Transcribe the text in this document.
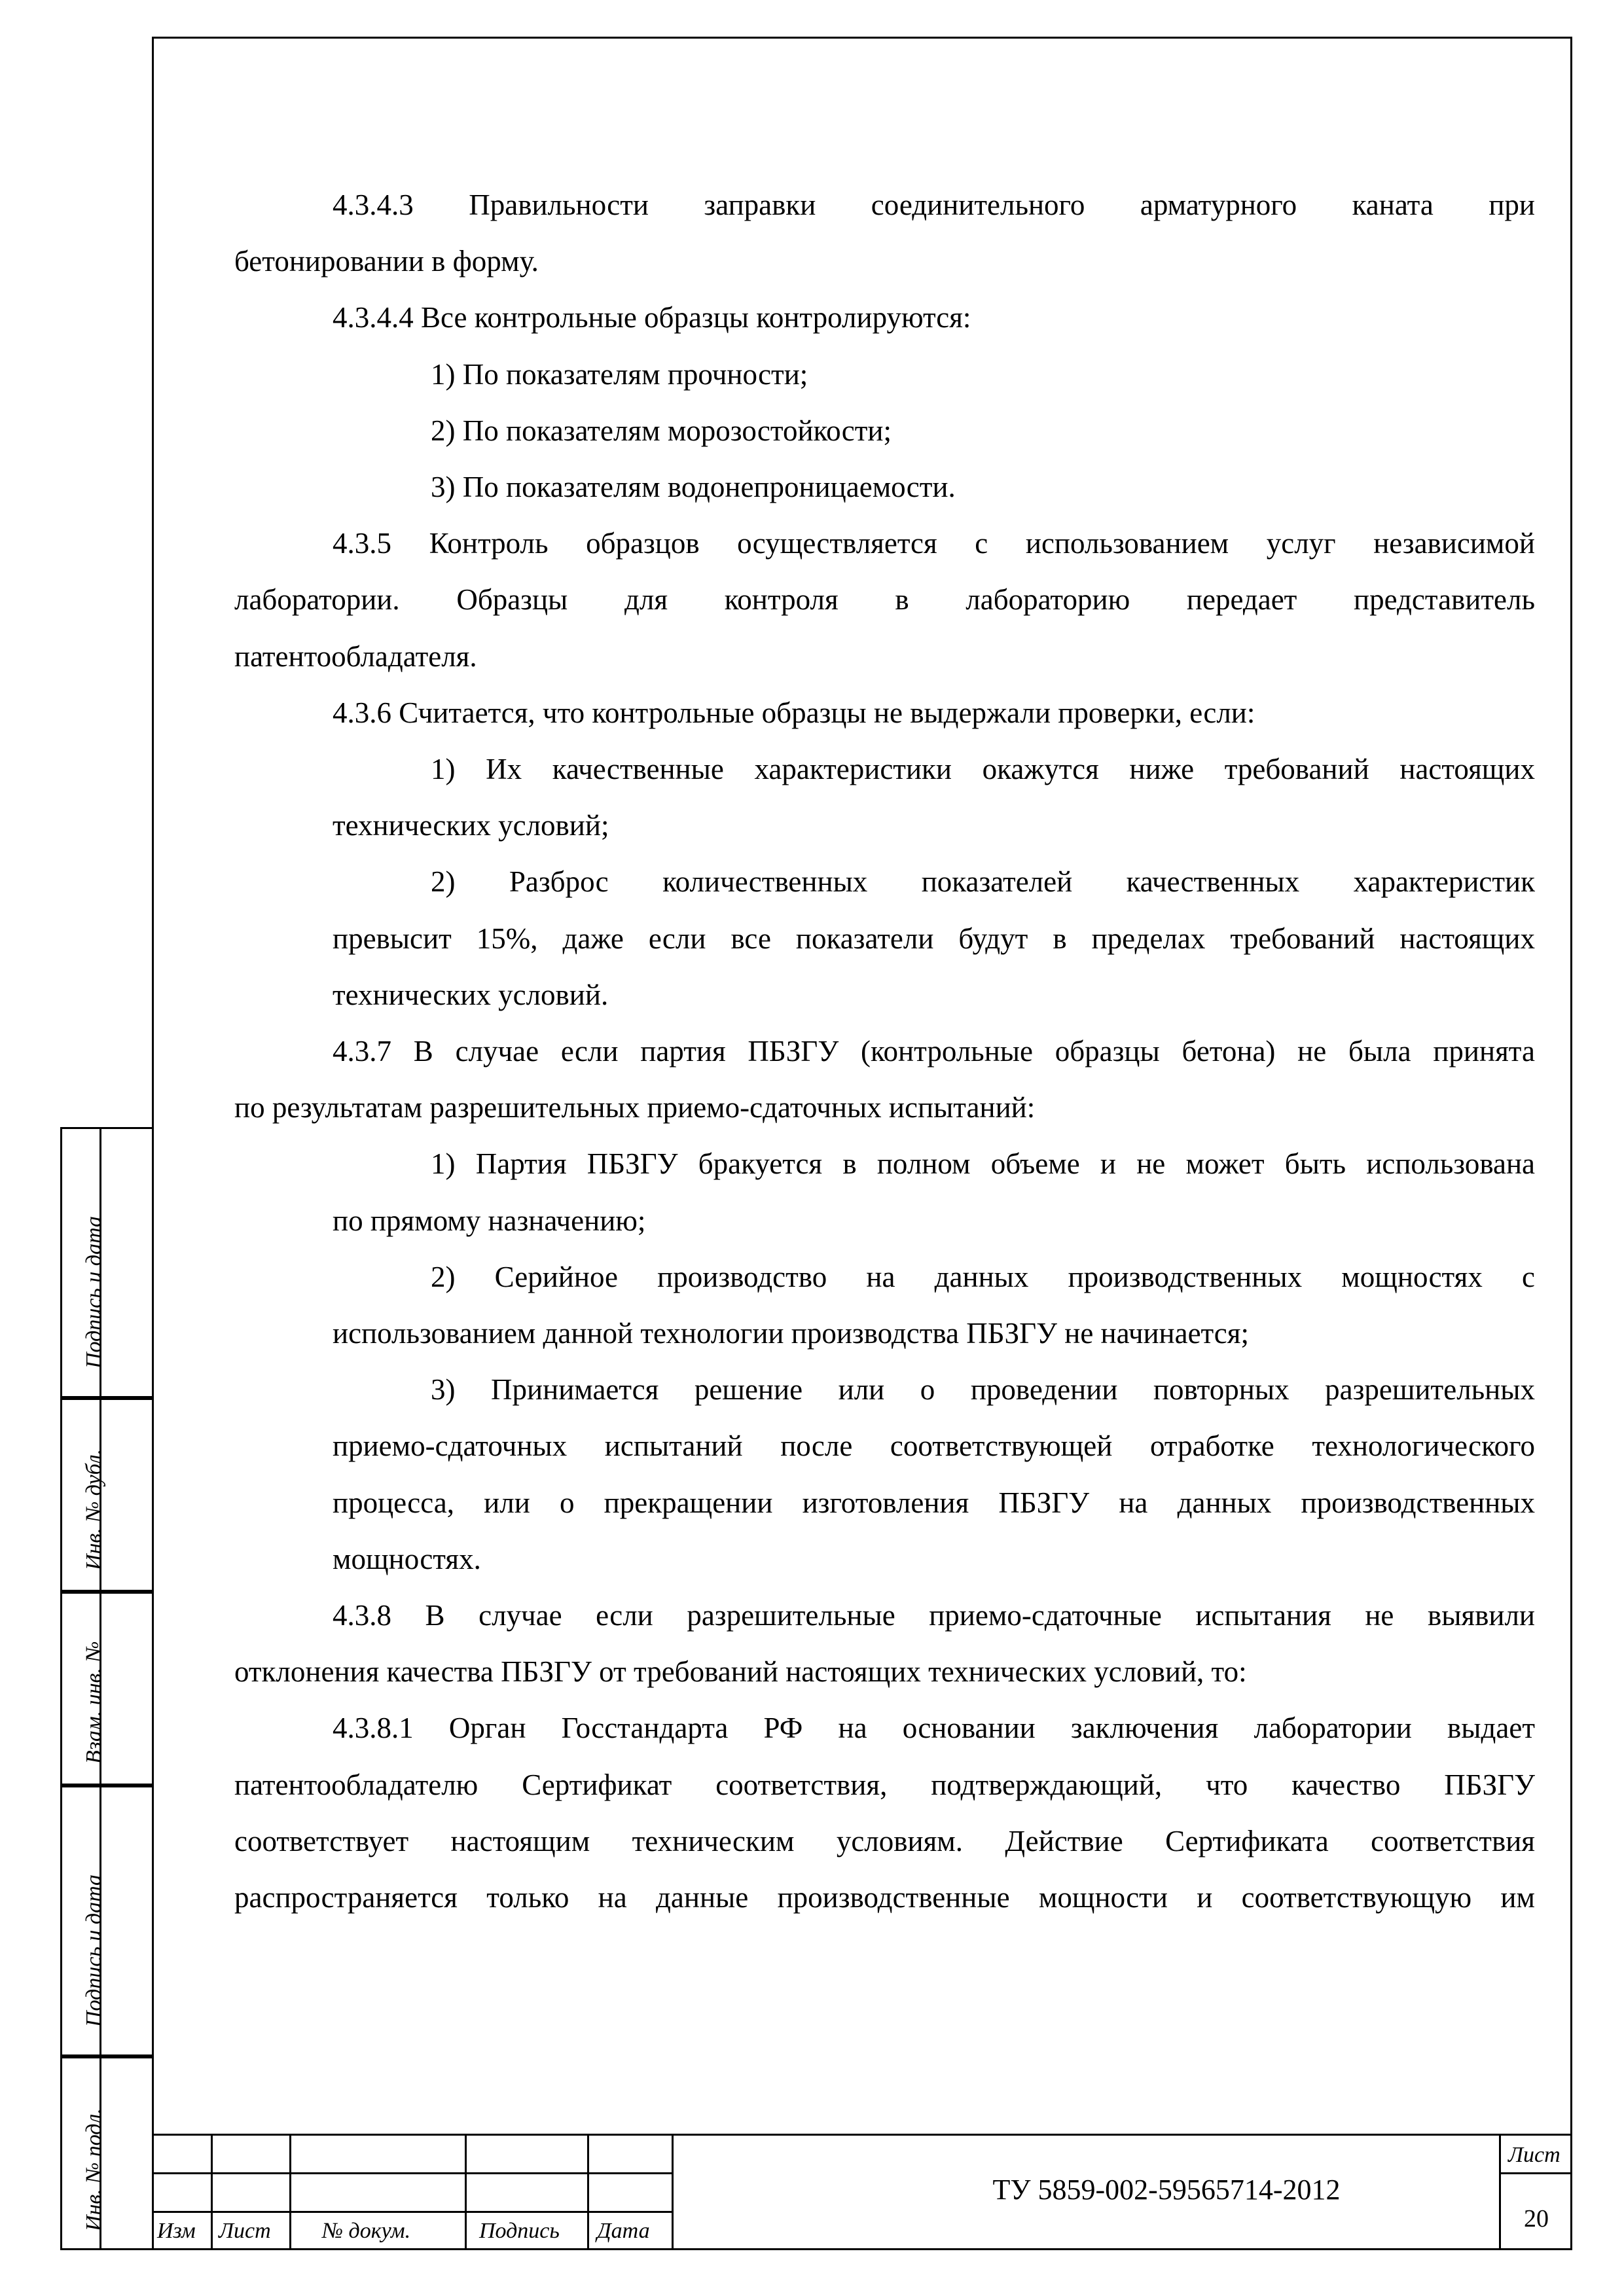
Подпись и дата
Инв. № дубл.
Взам. инв. №
Подпись и дата
Инв. № подл.
4.3.4.3 Правильности заправки соединительного арматурного каната при
бетонировании в форму.
4.3.4.4 Все контрольные образцы контролируются:
1) По показателям прочности;
2) По показателям морозостойкости;
3) По показателям водонепроницаемости.
4.3.5 Контроль образцов осуществляется с использованием услуг независимой
лаборатории. Образцы для контроля в лабораторию передает представитель
патентообладателя.
4.3.6 Считается, что контрольные образцы не выдержали проверки, если:
1) Их качественные характеристики окажутся ниже требований настоящих
технических условий;
2) Разброс количественных показателей качественных характеристик
превысит 15%, даже если все показатели будут в пределах требований настоящих
технических условий.
4.3.7 В случае если партия ПБЗГУ (контрольные образцы бетона) не была принята
по результатам разрешительных приемо-сдаточных испытаний:
1) Партия ПБЗГУ бракуется в полном объеме и не может быть использована
по прямому назначению;
2) Серийное производство на данных производственных мощностях с
использованием данной технологии производства ПБЗГУ не начинается;
3) Принимается решение или о проведении повторных разрешительных
приемо-сдаточных испытаний после соответствующей отработке технологического
процесса, или о прекращении изготовления ПБЗГУ на данных производственных
мощностях.
4.3.8 В случае если разрешительные приемо-сдаточные испытания не выявили
отклонения качества ПБЗГУ от требований настоящих технических условий, то:
4.3.8.1 Орган Госстандарта РФ на основании заключения лаборатории выдает
патентообладателю Сертификат соответствия, подтверждающий, что качество ПБЗГУ
соответствует настоящим техническим условиям. Действие Сертификата соответствия
распространяется только на данные производственные мощности и соответствующую им
Изм Лист № докум.	Подпись Дата
ТУ 5859-002-59565714-2012
Лист
20
